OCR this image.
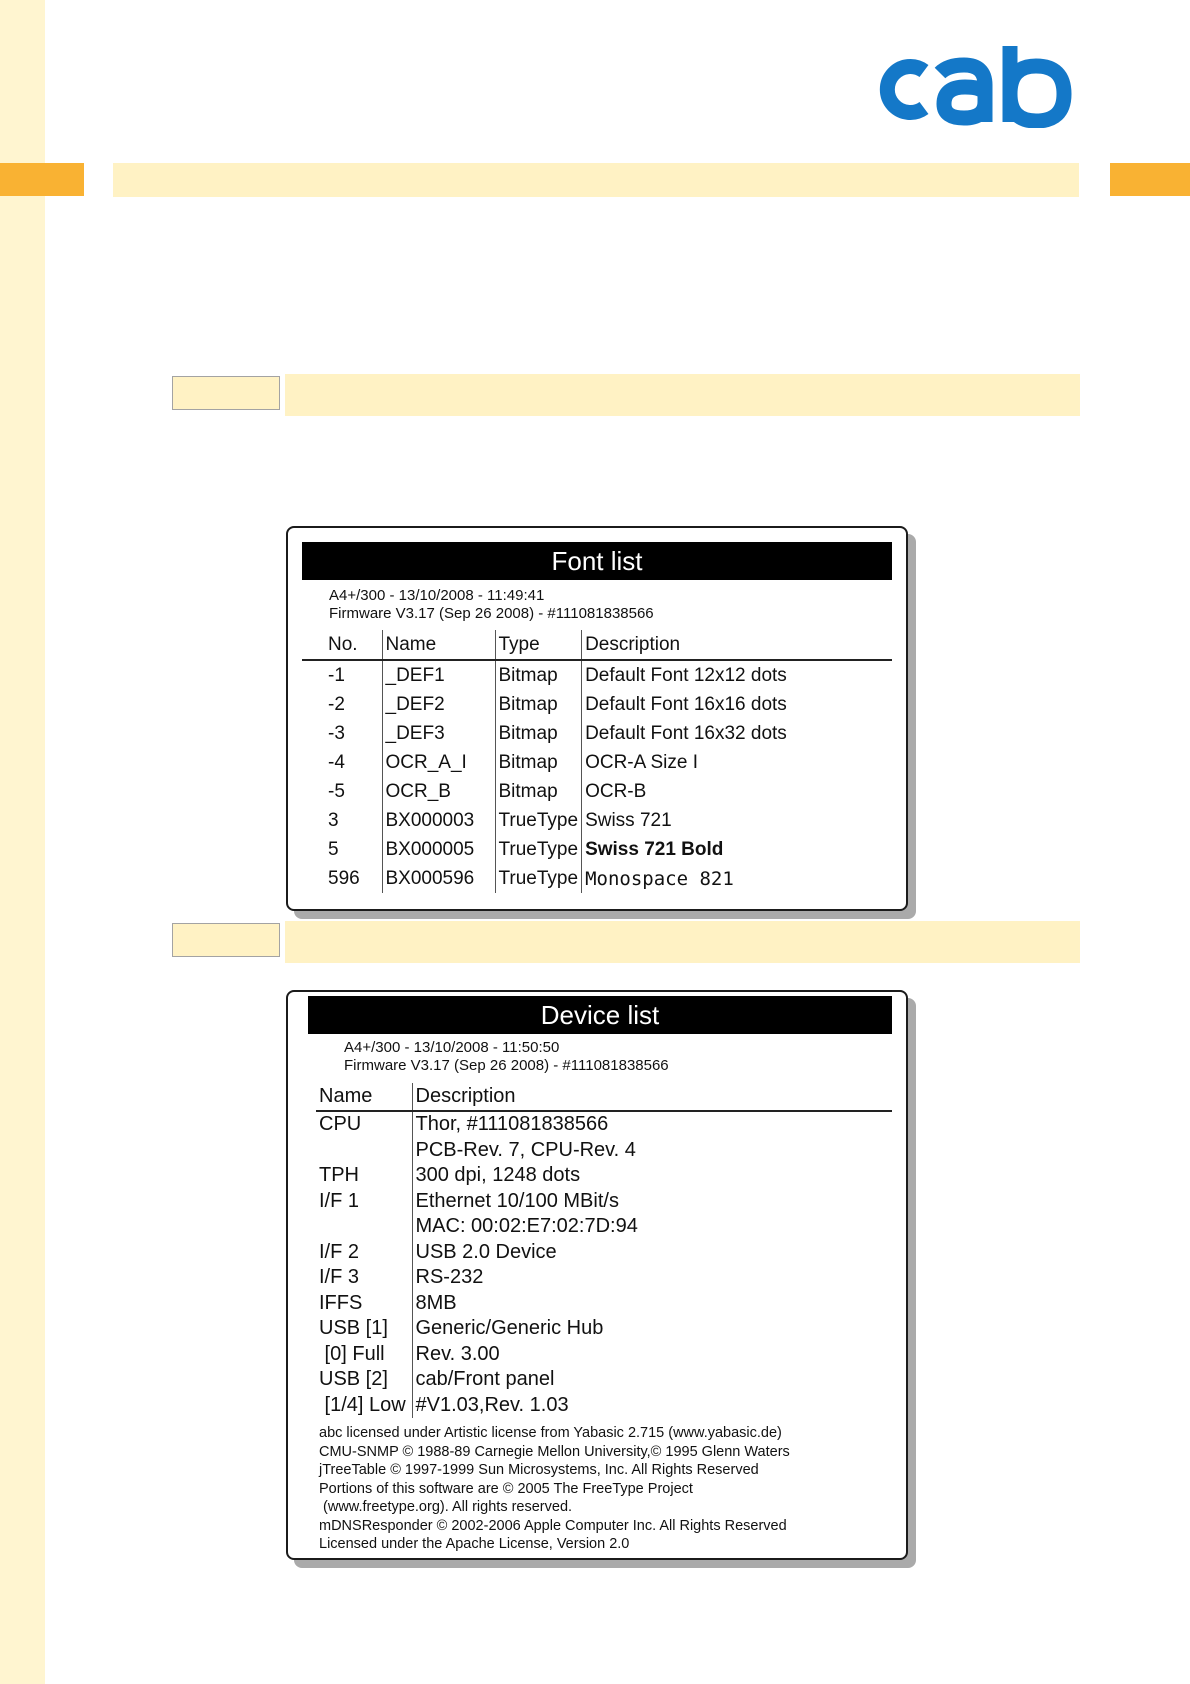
Font list
A4+/300 - 13/10/2008 - 11:49:41
Firmware V3.17 (Sep 26 2008) - #111081838566
No.	Name	Type	Description
-1	_DEF1	Bitmap	Default Font 12x12 dots
-2	_DEF2	Bitmap	Default Font 16x16 dots
-3	_DEF3	Bitmap	Default Font 16x32 dots
-4	OCR_A_I	Bitmap	OCR-A Size I
-5	OCR_B	Bitmap	OCR-B
3	BX000003	TrueType	Swiss 721
5	BX000005	TrueType	Swiss 721 Bold
596	BX000596	TrueType	Monospace 821
Device list
A4+/300 - 13/10/2008 - 11:50:50
Firmware V3.17 (Sep 26 2008) - #111081838566
Name	Description
CPU	Thor, #111081838566
	PCB-Rev. 7, CPU-Rev. 4
TPH	300 dpi, 1248 dots
I/F 1	Ethernet 10/100 MBit/s
	MAC: 00:02:E7:02:7D:94
I/F 2	USB 2.0 Device
I/F 3	RS-232
IFFS	8MB
USB [1]	Generic/Generic Hub
[0] Full	Rev. 3.00
USB [2]	cab/Front panel
[1/4] Low	#V1.03,Rev. 1.03
abc licensed under Artistic license from Yabasic 2.715 (www.yabasic.de)
CMU-SNMP © 1988-89 Carnegie Mellon University,© 1995 Glenn Waters
jTreeTable © 1997-1999 Sun Microsystems, Inc. All Rights Reserved
Portions of this software are © 2005 The FreeType Project
(www.freetype.org). All rights reserved.
mDNSResponder © 2002-2006 Apple Computer Inc. All Rights Reserved
Licensed under the Apache License, Version 2.0
